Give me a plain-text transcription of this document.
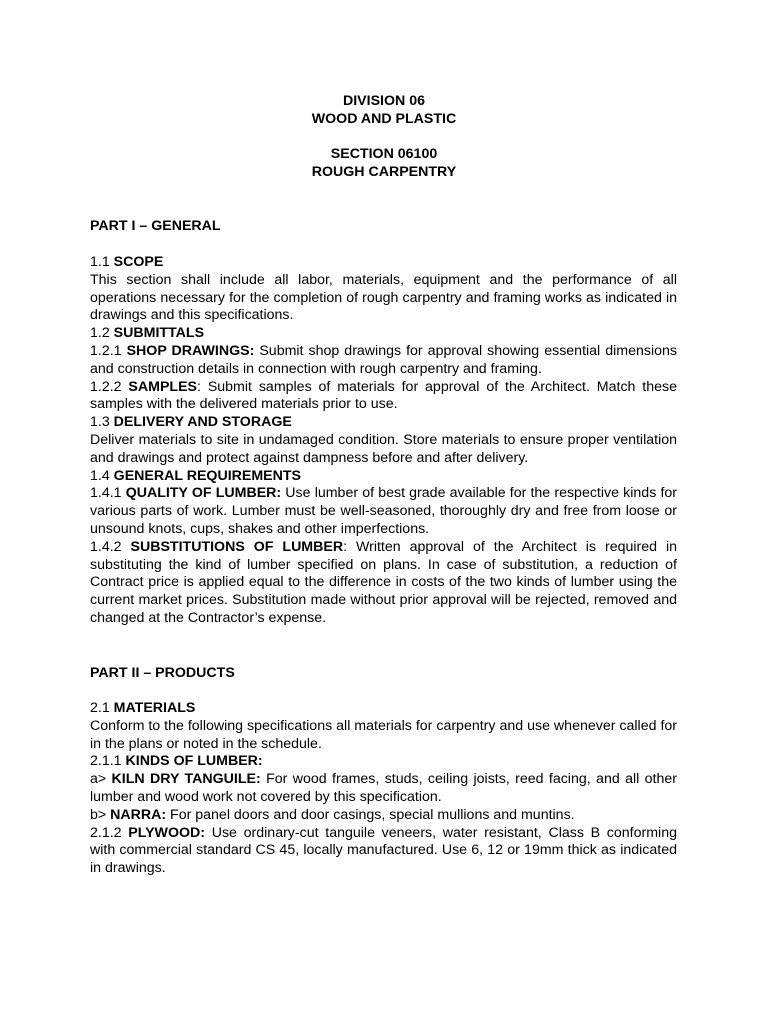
DIVISION 06
WOOD AND PLASTIC
SECTION 06100
ROUGH CARPENTRY
PART I – GENERAL
1.1 SCOPE

This section shall include all labor, materials, equipment and the performance of all operations necessary for the completion of rough carpentry and framing works as indicated in drawings and this specifications.

1.2 SUBMITTALS

1.2.1 SHOP DRAWINGS: Submit shop drawings for approval showing essential dimensions and construction details in connection with rough carpentry and framing.

1.2.2 SAMPLES: Submit samples of materials for approval of the Architect. Match these samples with the delivered materials prior to use.

1.3 DELIVERY AND STORAGE

Deliver materials to site in undamaged condition. Store materials to ensure proper ventilation and drawings and protect against dampness before and after delivery.

1.4 GENERAL REQUIREMENTS

1.4.1 QUALITY OF LUMBER: Use lumber of best grade available for the respective kinds for various parts of work. Lumber must be well-seasoned, thoroughly dry and free from loose or unsound knots, cups, shakes and other imperfections.

1.4.2 SUBSTITUTIONS OF LUMBER: Written approval of the Architect is required in substituting the kind of lumber specified on plans. In case of substitution, a reduction of Contract price is applied equal to the difference in costs of the two kinds of lumber using the current market prices. Substitution made without prior approval will be rejected, removed and changed at the Contractor’s expense.

PART II – PRODUCTS
2.1 MATERIALS

Conform to the following specifications all materials for carpentry and use whenever called for in the plans or noted in the schedule.

2.1.1 KINDS OF LUMBER:

a> KILN DRY TANGUILE: For wood frames, studs, ceiling joists, reed facing, and all other lumber and wood work not covered by this specification.

b> NARRA: For panel doors and door casings, special mullions and muntins.

2.1.2 PLYWOOD: Use ordinary-cut tanguile veneers, water resistant, Class B conforming with commercial standard CS 45, locally manufactured. Use 6, 12 or 19mm thick as indicated in drawings.
